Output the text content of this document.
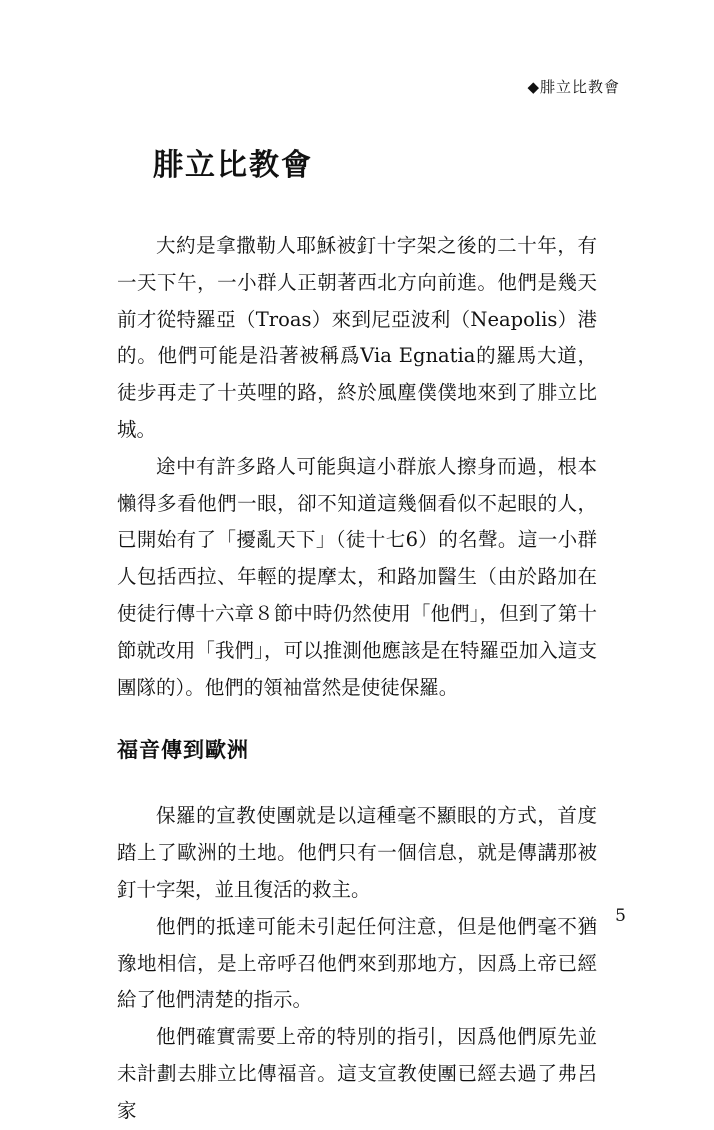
◆腓立比教會
腓立比教會

大約是拿撒勒人耶穌被釘十字架之後的二十年，有一天下午，一小群人正朝著西北方向前進。他們是幾天前才從特羅亞（Troas）來到尼亞波利（Neapolis）港的。他們可能是沿著被稱爲Via Egnatia的羅馬大道，徒步再走了十英哩的路，終於風塵僕僕地來到了腓立比城。

途中有許多路人可能與這小群旅人擦身而過，根本懶得多看他們一眼，卻不知道這幾個看似不起眼的人，已開始有了「擾亂天下」（徒十七6）的名聲。這一小群人包括西拉、年輕的提摩太，和路加醫生（由於路加在使徒行傳十六章８節中時仍然使用「他們」，但到了第十節就改用「我們」，可以推測他應該是在特羅亞加入這支團隊的）。他們的領袖當然是使徒保羅。

福音傳到歐洲

保羅的宣教使團就是以這種毫不顯眼的方式，首度踏上了歐洲的土地。他們只有一個信息，就是傳講那被釘十字架，並且復活的救主。

他們的抵達可能未引起任何注意，但是他們毫不猶豫地相信，是上帝呼召他們來到那地方，因爲上帝已經給了他們淸楚的指示。

他們確實需要上帝的特別的指引，因爲他們原先並未計劃去腓立比傳福音。這支宣教使團已經去過了弗呂家

5
